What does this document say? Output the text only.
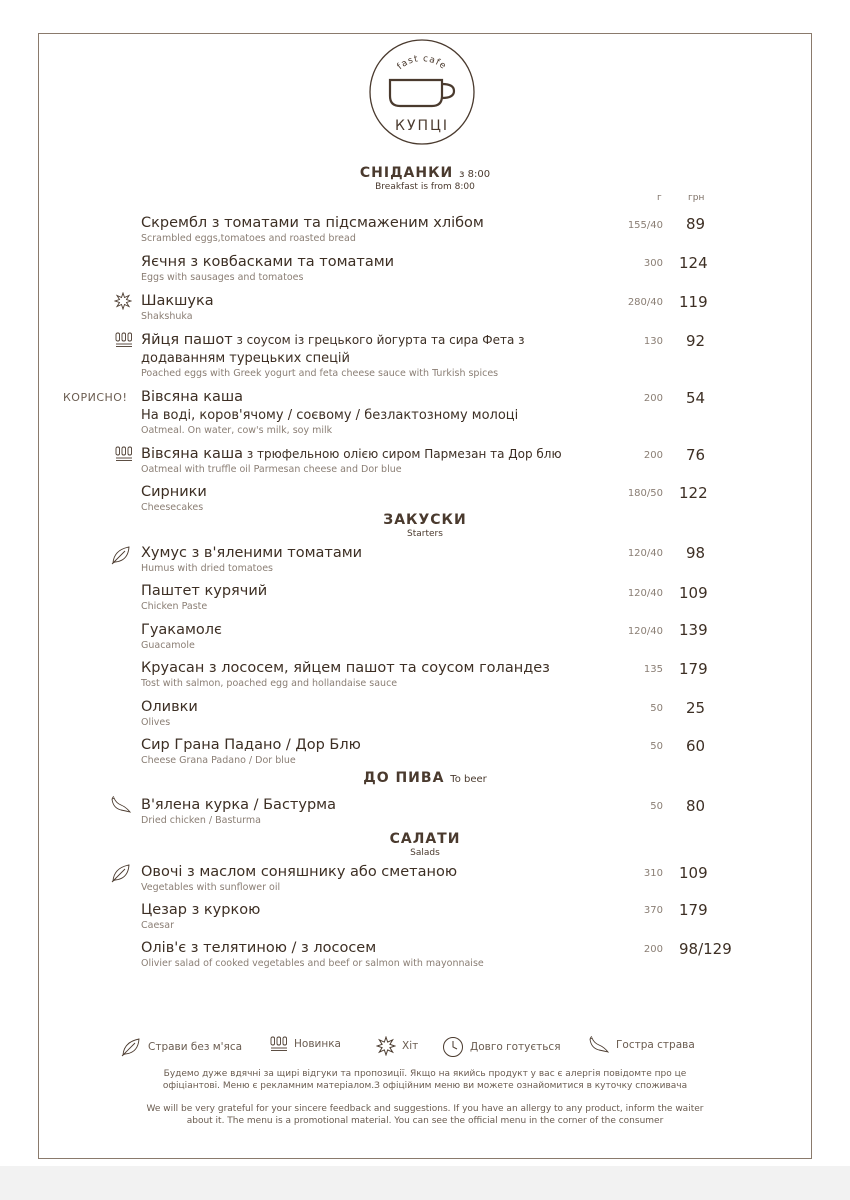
fast cafe
КУПЦІ
СНІДАНКИ з 8:00
Breakfast is from 8:00
г	грн
Скрембл з томатами та підсмаженим хлібом
Scrambled eggs,tomatoes and roasted bread
155/40 89
Яєчня з ковбасками та томатами
Eggs with sausages and tomatoes
300 124
Шакшука
Shakshuka
280/40 119
Яйця пашот з соусом із грецького йогурта та сира Фета з
додаванням турецьких спецій
Poached eggs with Greek yogurt and feta cheese sauce with Turkish spices
130 92
КОРИСНО! Вівсяна каша
На воді, коров'ячому / соєвому / безлактозному молоці
Oatmeal. On water, cow's milk, soy milk
200 54
Вівсяна каша з трюфельною олією сиром Пармезан та Дор блю
Oatmeal with truffle oil Parmesan cheese and Dor blue
200 76
Сирники
Cheesecakes
180/50 122
ЗАКУСКИ
Starters
Хумус з в'яленими томатами
Humus with dried tomatoes
120/40 98
Паштет курячий
Chicken Paste
120/40 109
Гуакамолє
Guacamole
120/40 139
Круасан з лососем, яйцем пашот та соусом голандез
Tost with salmon, poached egg and hollandaise sauce
135 179
Оливки
Olives
50 25
Сир Грана Падано / Дор Блю
Cheese Grana Padano / Dor blue
50 60
ДО ПИВА To beer
В'ялена курка / Бастурма
Dried chicken / Basturma
50 80
САЛАТИ
Salads
Овочі з маслом соняшнику або сметаною
Vegetables with sunflower oil
310 109
Цезар з куркою
Caesar
370 179
Олів'є з телятиною / з лососем
Olivier salad of cooked vegetables and beef or salmon with mayonnaise
200 98/129
Страви без м'яса	Новинка	Хіт	Довго готується	Гостра страва
Будемо дуже вдячні за щирі відгуки та пропозиції. Якщо на якийсь продукт у вас є алергія повідомте про це офіціантові. Меню є рекламним матеріалом.З офіційним меню ви можете ознайомитися в куточку споживача
We will be very grateful for your sincere feedback and suggestions. If you have an allergy to any product, inform the waiter about it. The menu is a promotional material. You can see the official menu in the corner of the consumer
